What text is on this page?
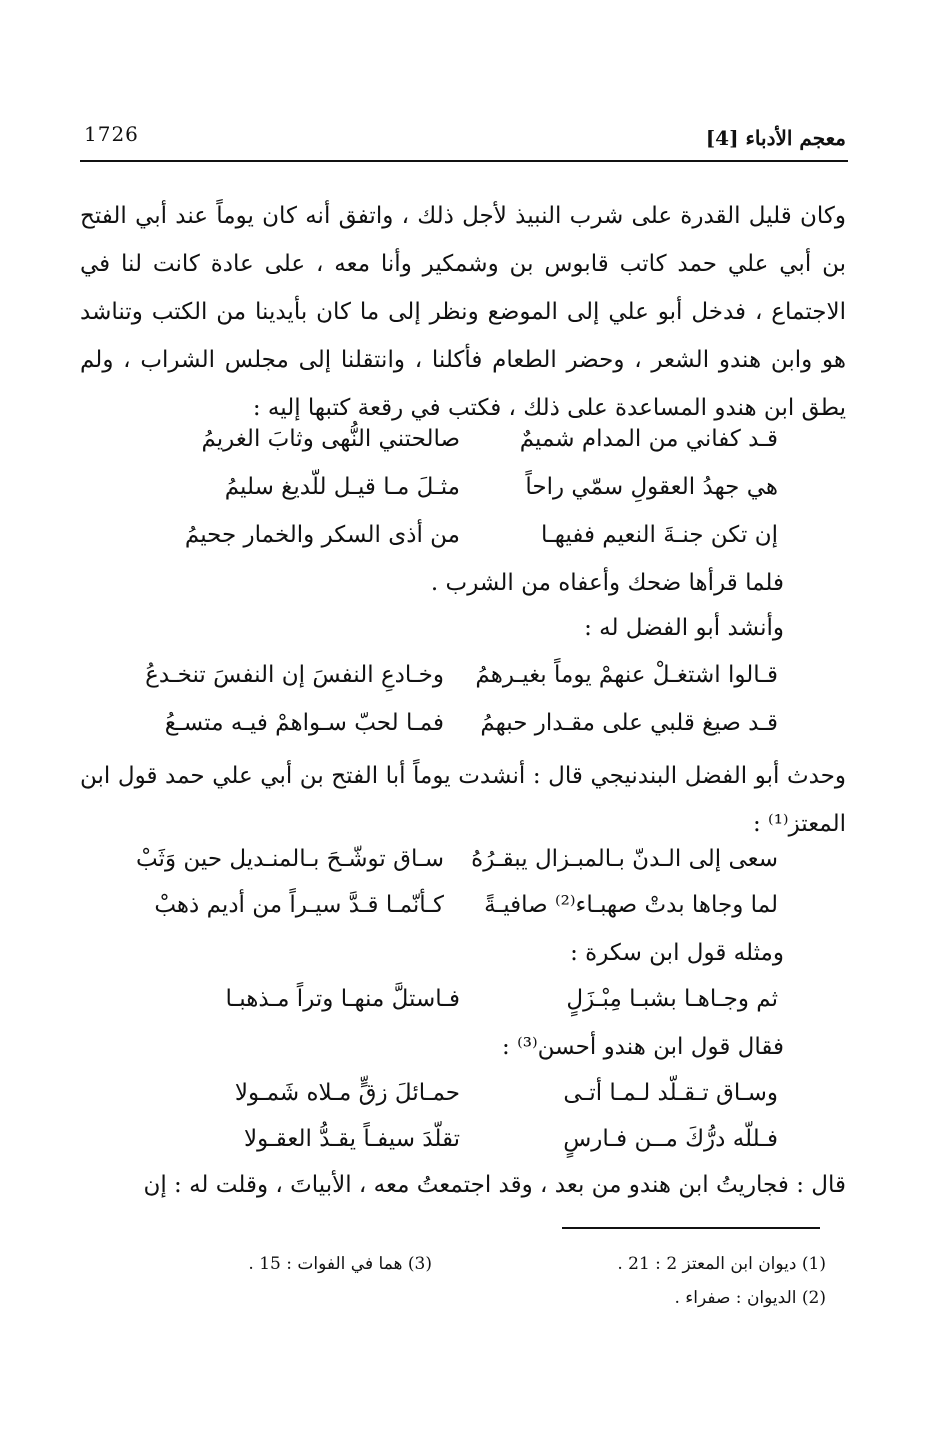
معجم الأدباء [4]
1726
وكان قليل القدرة على شرب النبيذ لأجل ذلك ، واتفق أنه كان يوماً عند أبي الفتح بن أبي علي حمد كاتب قابوس بن وشمكير وأنا معه ، على عادة كانت لنا في الاجتماع ، فدخل أبو علي إلى الموضع ونظر إلى ما كان بأيدينا من الكتب وتناشد هو وابن هندو الشعر ، وحضر الطعام فأكلنا ، وانتقلنا إلى مجلس الشراب ، ولم يطق ابن هندو المساعدة على ذلك ، فكتب في رقعة كتبها إليه :
قـد كفاني من المدام شميمٌ
صالحتني النُّهى وثابَ الغريمُ
هي جهدُ العقولِ سمّي راحاً
مثـلَ مـا قيـل للّديغ سليمُ
إن تكن جنـةَ النعيم ففيهـا
من أذى السكر والخمار جحيمُ
فلما قرأها ضحك وأعفاه من الشرب .
وأنشد أبو الفضل له :
قـالوا اشتغـلْ عنهمْ يوماً بغيـرهمُ
وخـادعِ النفسَ إن النفسَ تنخـدعُ
قـد صيغ قلبي على مقـدار حبهمُ
فمـا لحبّ سـواهمْ فيـه متسـعُ
وحدث أبو الفضل البندنيجي قال : أنشدت يوماً أبا الفتح بن أبي علي حمد قول ابن المعتز⁽¹⁾ :
سعى إلى الـدنّ بـالمبـزال يبقـرُهُ
سـاق توشّـحَ بـالمنـديل حين وَثَبْ
لما وجاها بدتْ صهبـاء⁽²⁾ صافيـةً
كـأنّمـا قـدَّ سيـراً من أديم ذهبْ
ومثله قول ابن سكرة :
ثم وجـاهـا بشبـا مِبْـزَلٍ
فـاستلَّ منهـا وتراً مـذهبـا
فقال قول ابن هندو أحسن⁽³⁾ :
وسـاق تـقـلّد لـمـا أتـى
حمـائلَ زقٍّ مـلاه شَمـولا
فـللّه درُّكَ مــن فـارسٍ
تقلّدَ سيفـاً يقـدُّ العقـولا
قال : فجاريتُ ابن هندو من بعد ، وقد اجتمعتُ معه ، الأبياتَ ، وقلت له : إن
(1) ديوان ابن المعتز 2 : 21 .
(2) الديوان : صفراء .
(3) هما في الفوات : 15 .
